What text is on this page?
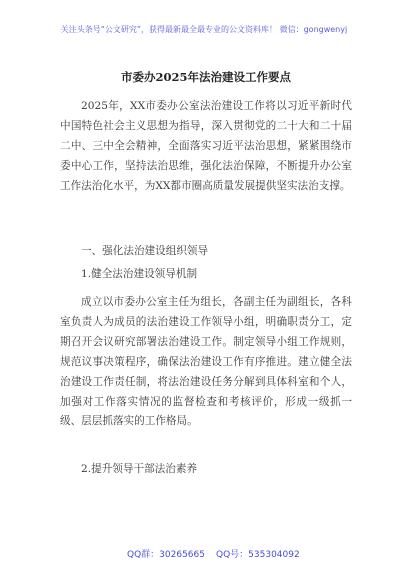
关注头条号“公文研究”，获得最新最全最专业的公文资料库！ 微信：gongwenyj
市委办2025年法治建设工作要点
2025年，XX市委办公室法治建设工作将以习近平新时代中国特色社会主义思想为指导，深入贯彻党的二十大和二十届二中、三中全会精神，全面落实习近平法治思想，紧紧围绕市委中心工作，坚持法治思维，强化法治保障，不断提升办公室工作法治化水平，为XX都市圈高质量发展提供坚实法治支撑。
一、强化法治建设组织领导
1.健全法治建设领导机制
成立以市委办公室主任为组长，各副主任为副组长，各科室负责人为成员的法治建设工作领导小组，明确职责分工，定期召开会议研究部署法治建设工作。制定领导小组工作规则，规范议事决策程序，确保法治建设工作有序推进。建立健全法治建设工作责任制，将法治建设任务分解到具体科室和个人，加强对工作落实情况的监督检查和考核评价，形成一级抓一级、层层抓落实的工作格局。
2.提升领导干部法治素养
QQ群：30265665 QQ号：535304092
